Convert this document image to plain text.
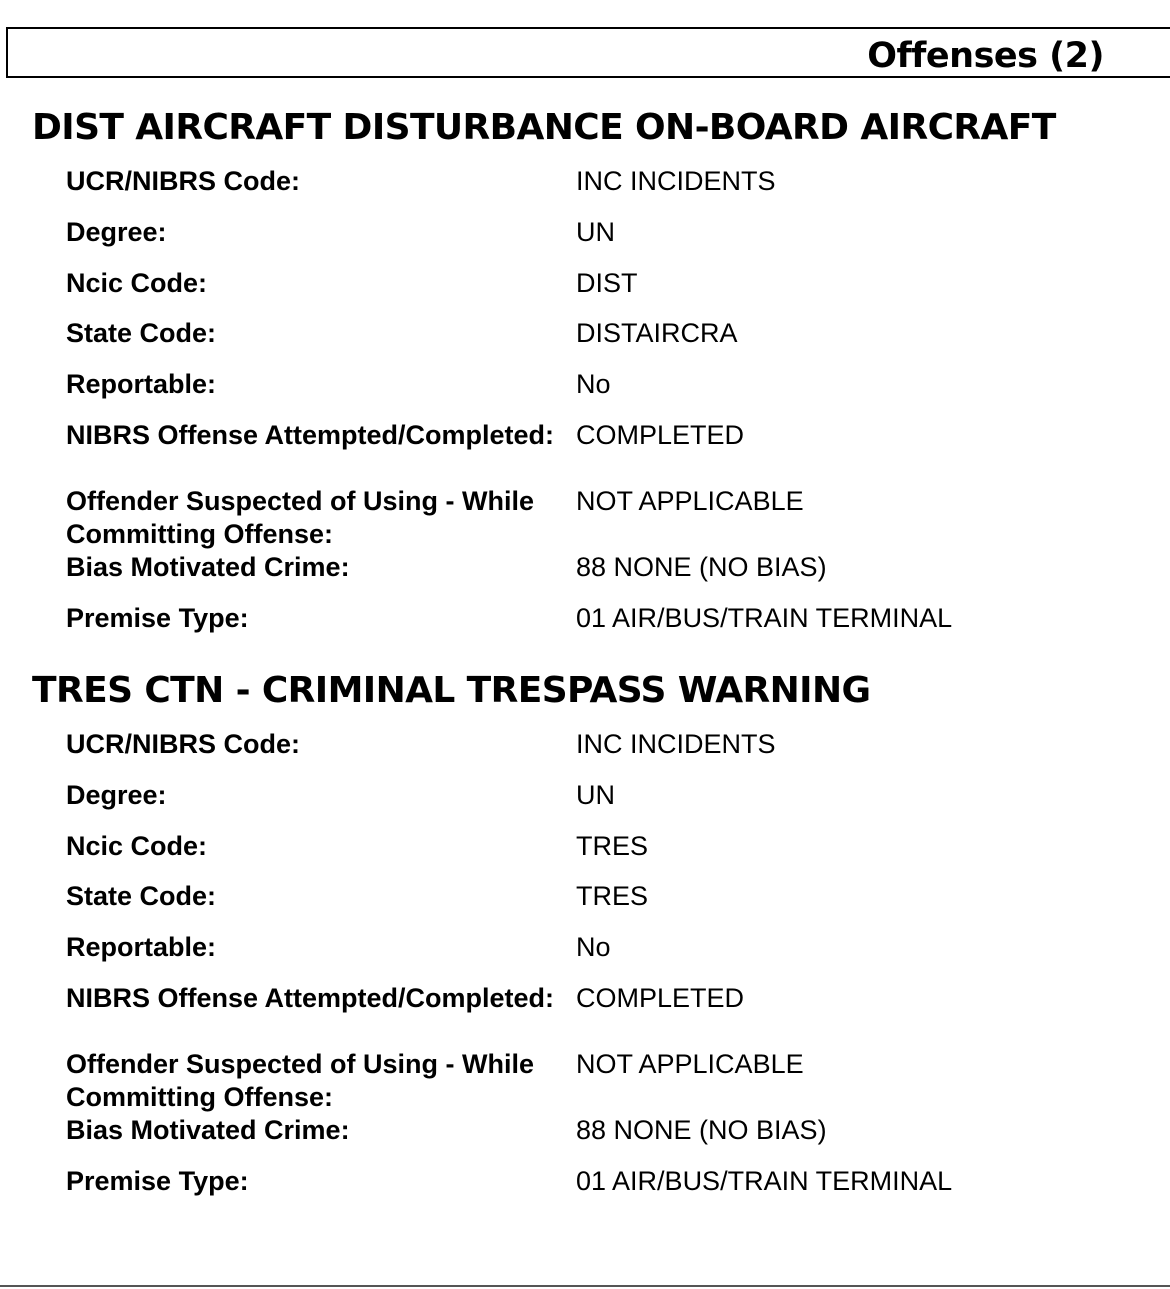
Offenses (2)
DIST AIRCRAFT DISTURBANCE ON-BOARD AIRCRAFT
UCR/NIBRS Code:	INC INCIDENTS
Degree:	UN
Ncic Code:	DIST
State Code:	DISTAIRCRA
Reportable:	No
NIBRS Offense Attempted/Completed: COMPLETED
Offender Suspected of Using - While Committing Offense:
NOT APPLICABLE
Bias Motivated Crime:	88 NONE (NO BIAS)
Premise Type:	01 AIR/BUS/TRAIN TERMINAL
TRES CTN - CRIMINAL TRESPASS WARNING
UCR/NIBRS Code:	INC INCIDENTS
Degree:	UN
Ncic Code:	TRES
State Code:	TRES
Reportable:	No
NIBRS Offense Attempted/Completed: COMPLETED
Offender Suspected of Using - While Committing Offense:
NOT APPLICABLE
Bias Motivated Crime:	88 NONE (NO BIAS)
Premise Type:	01 AIR/BUS/TRAIN TERMINAL
